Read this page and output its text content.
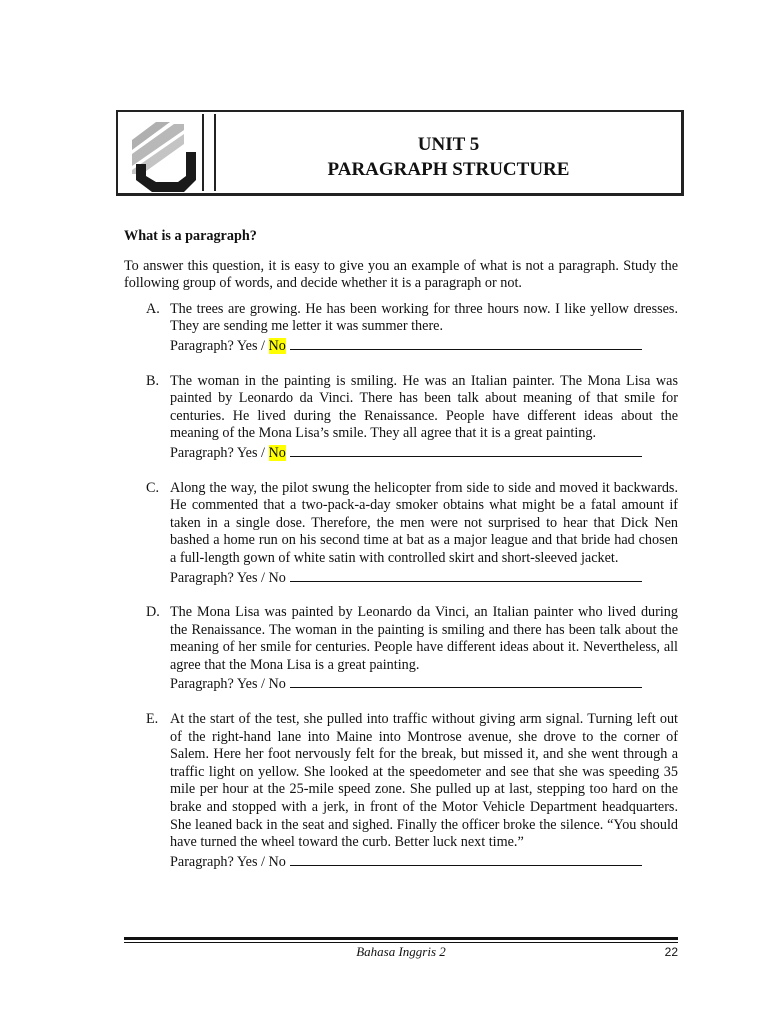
UNIT 5
PARAGRAPH STRUCTURE

What is a paragraph?

To answer this question, it is easy to give you an example of what is not a paragraph. Study the following group of words, and decide whether it is a paragraph or not.

A. The trees are growing. He has been working for three hours now. I like yellow dresses. They are sending me letter it was summer there.

Paragraph? Yes / No
B. The woman in the painting is smiling. He was an Italian painter. The Mona Lisa was painted by Leonardo da Vinci. There has been talk about meaning of that smile for centuries. He lived during the Renaissance. People have different ideas about the meaning of the Mona Lisa’s smile. They all agree that it is a great painting.

Paragraph? Yes / No
C. Along the way, the pilot swung the helicopter from side to side and moved it backwards. He commented that a two-pack-a-day smoker obtains what might be a fatal amount if taken in a single dose. Therefore, the men were not surprised to hear that Dick Nen bashed a home run on his second time at bat as a major league and that bride had chosen a full-length gown of white satin with controlled skirt and short-sleeved jacket.

Paragraph? Yes / No
D. The Mona Lisa was painted by Leonardo da Vinci, an Italian painter who lived during the Renaissance. The woman in the painting is smiling and there has been talk about the meaning of her smile for centuries. People have different ideas about it. Nevertheless, all agree that the Mona Lisa is a great painting.

Paragraph? Yes / No
E. At the start of the test, she pulled into traffic without giving arm signal. Turning left out of the right-hand lane into Maine into Montrose avenue, she drove to the corner of Salem. Here her foot nervously felt for the break, but missed it, and she went through a traffic light on yellow. She looked at the speedometer and see that she was speeding 35 mile per hour at the 25-mile speed zone. She pulled up at last, stepping too hard on the brake and stopped with a jerk, in front of the Motor Vehicle Department headquarters. She leaned back in the seat and sighed. Finally the officer broke the silence. “You should have turned the wheel toward the curb. Better luck next time.”

Paragraph? Yes / No
Bahasa Inggris 2	22
